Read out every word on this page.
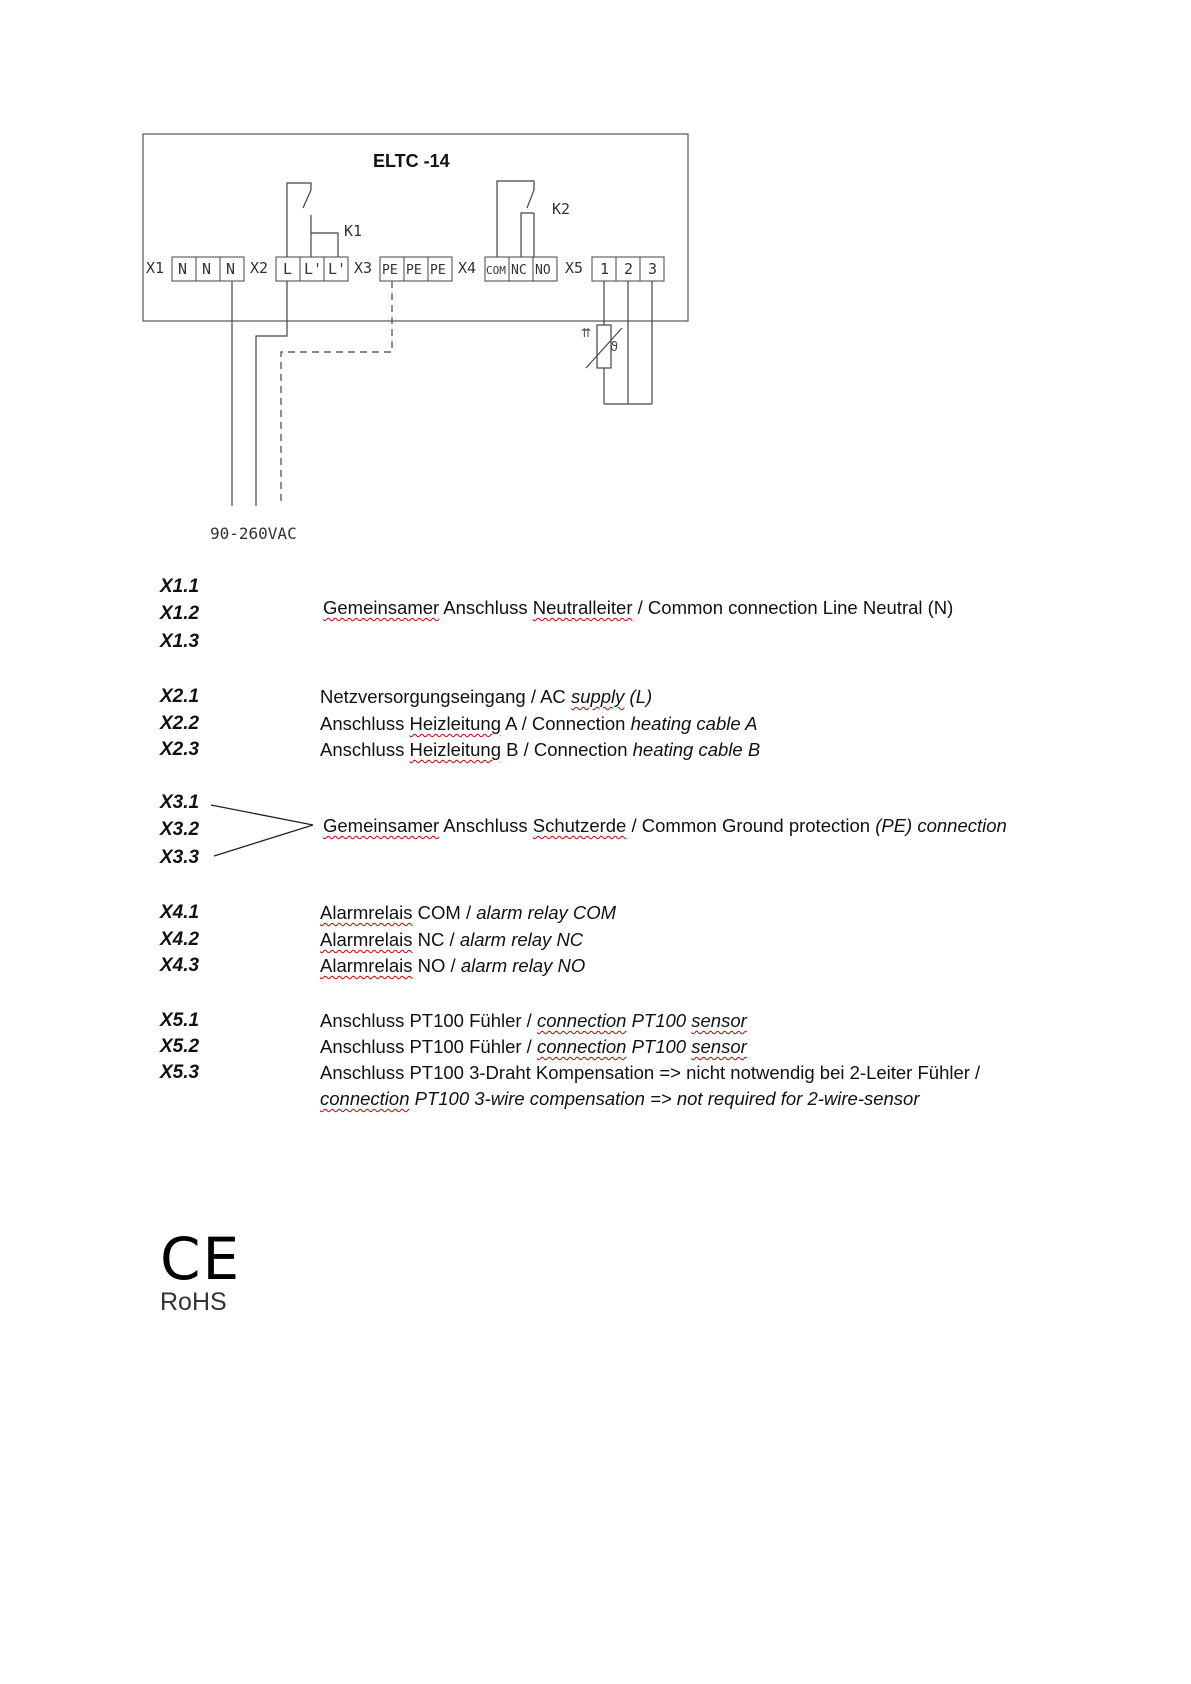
ELTC -14
X1	X2	X3	X4	X5
N N N	L L' L'	PE PE PE	COM NC NO	1 2 3
K1
K2
⇈
ϑ
90-260VAC
X1.1
X1.2
X1.3
Gemeinsamer Anschluss Neutralleiter / Common connection Line Neutral (N)
X2.1	Netzversorgungseingang / AC supply (L)
X2.2	Anschluss Heizleitung A / Connection heating cable A
X2.3	Anschluss Heizleitung B / Connection heating cable B
X3.1
X3.2
X3.3
Gemeinsamer Anschluss Schutzerde / Common Ground protection (PE) connection
X4.1	Alarmrelais COM / alarm relay COM
X4.2	Alarmrelais NC / alarm relay NC
X4.3	Alarmrelais NO / alarm relay NO
X5.1	Anschluss PT100 Fühler / connection PT100 sensor
X5.2	Anschluss PT100 Fühler / connection PT100 sensor
X5.3	Anschluss PT100 3-Draht Kompensation => nicht notwendig bei 2-Leiter Fühler /
connection PT100 3-wire compensation => not required for 2-wire-sensor
CE
RoHS
